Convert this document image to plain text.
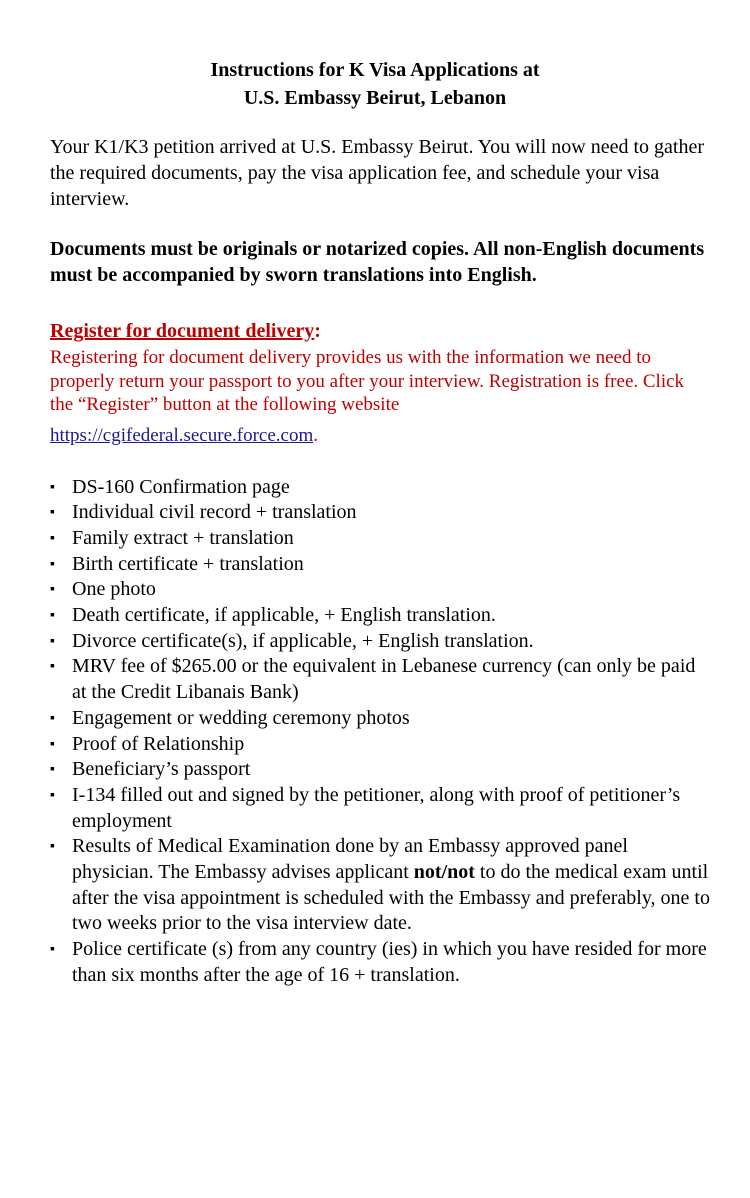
Instructions for K Visa Applications at
U.S. Embassy Beirut, Lebanon

Your K1/K3 petition arrived at U.S. Embassy Beirut. You will now need to gather the required documents, pay the visa application fee, and schedule your visa interview.

Documents must be originals or notarized copies. All non-English documents must be accompanied by sworn translations into English.

Register for document delivery:

Registering for document delivery provides us with the information we need to properly return your passport to you after your interview. Registration is free. Click the “Register” button at the following website

https://cgifederal.secure.force.com.
▪ DS-160 Confirmation page
▪ Individual civil record + translation
▪ Family extract + translation
▪ Birth certificate + translation
▪ One photo
▪ Death certificate, if applicable, + English translation.
▪ Divorce certificate(s), if applicable, + English translation.
▪ MRV fee of $265.00 or the equivalent in Lebanese currency (can only be paid at the Credit Libanais Bank)
▪ Engagement or wedding ceremony photos
▪ Proof of Relationship
▪ Beneficiary’s passport
▪ I-134 filled out and signed by the petitioner, along with proof of petitioner’s employment
▪ Results of Medical Examination done by an Embassy approved panel physician. The Embassy advises applicant not/not to do the medical exam until after the visa appointment is scheduled with the Embassy and preferably, one to two weeks prior to the visa interview date.
▪ Police certificate (s) from any country (ies) in which you have resided for more than six months after the age of 16 + translation.
